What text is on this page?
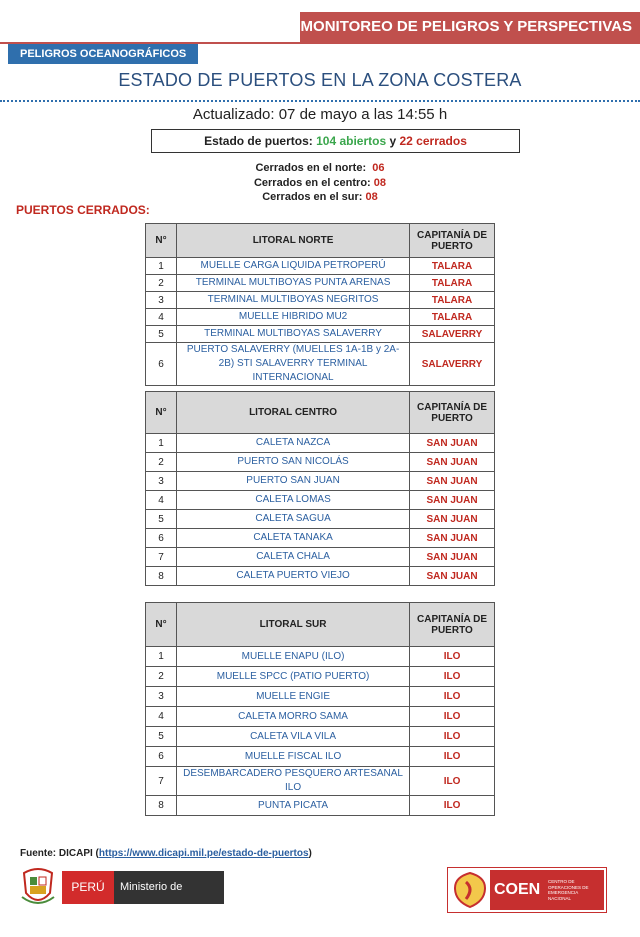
MONITOREO DE PELIGROS Y PERSPECTIVAS
PELIGROS OCEANOGRÁFICOS
ESTADO DE PUERTOS EN LA ZONA COSTERA
Actualizado: 07 de mayo a las 14:55 h
Estado de puertos: 104 abiertos y 22 cerrados
Cerrados en el norte: 06
Cerrados en el centro: 08
Cerrados en el sur: 08
PUERTOS CERRADOS:
N°	LITORAL NORTE	CAPITANÍA DE PUERTO
1	MUELLE CARGA LIQUIDA PETROPERÚ	TALARA
2	TERMINAL MULTIBOYAS PUNTA ARENAS	TALARA
3	TERMINAL MULTIBOYAS NEGRITOS	TALARA
4	MUELLE HIBRIDO MU2	TALARA
5	TERMINAL MULTIBOYAS SALAVERRY	SALAVERRY
6	PUERTO SALAVERRY (MUELLES 1A-1B y 2A-2B) STI SALAVERRY TERMINAL INTERNACIONAL	SALAVERRY
N°	LITORAL CENTRO	CAPITANÍA DE PUERTO
1	CALETA NAZCA	SAN JUAN
2	PUERTO SAN NICOLÁS	SAN JUAN
3	PUERTO SAN JUAN	SAN JUAN
4	CALETA LOMAS	SAN JUAN
5	CALETA SAGUA	SAN JUAN
6	CALETA TANAKA	SAN JUAN
7	CALETA CHALA	SAN JUAN
8	CALETA PUERTO VIEJO	SAN JUAN
N°	LITORAL SUR	CAPITANÍA DE PUERTO
1	MUELLE ENAPU (ILO)	ILO
2	MUELLE SPCC (PATIO PUERTO)	ILO
3	MUELLE ENGIE	ILO
4	CALETA MORRO SAMA	ILO
5	CALETA VILA VILA	ILO
6	MUELLE FISCAL ILO	ILO
7	DESEMBARCADERO PESQUERO ARTESANAL ILO	ILO
8	PUNTA PICATA	ILO
Fuente: DICAPI (https://www.dicapi.mil.pe/estado-de-puertos)
PERÚ	Ministerio de Defensa
COEN CENTRO DE OPERACIONES DE EMERGENCIA NACIONAL
